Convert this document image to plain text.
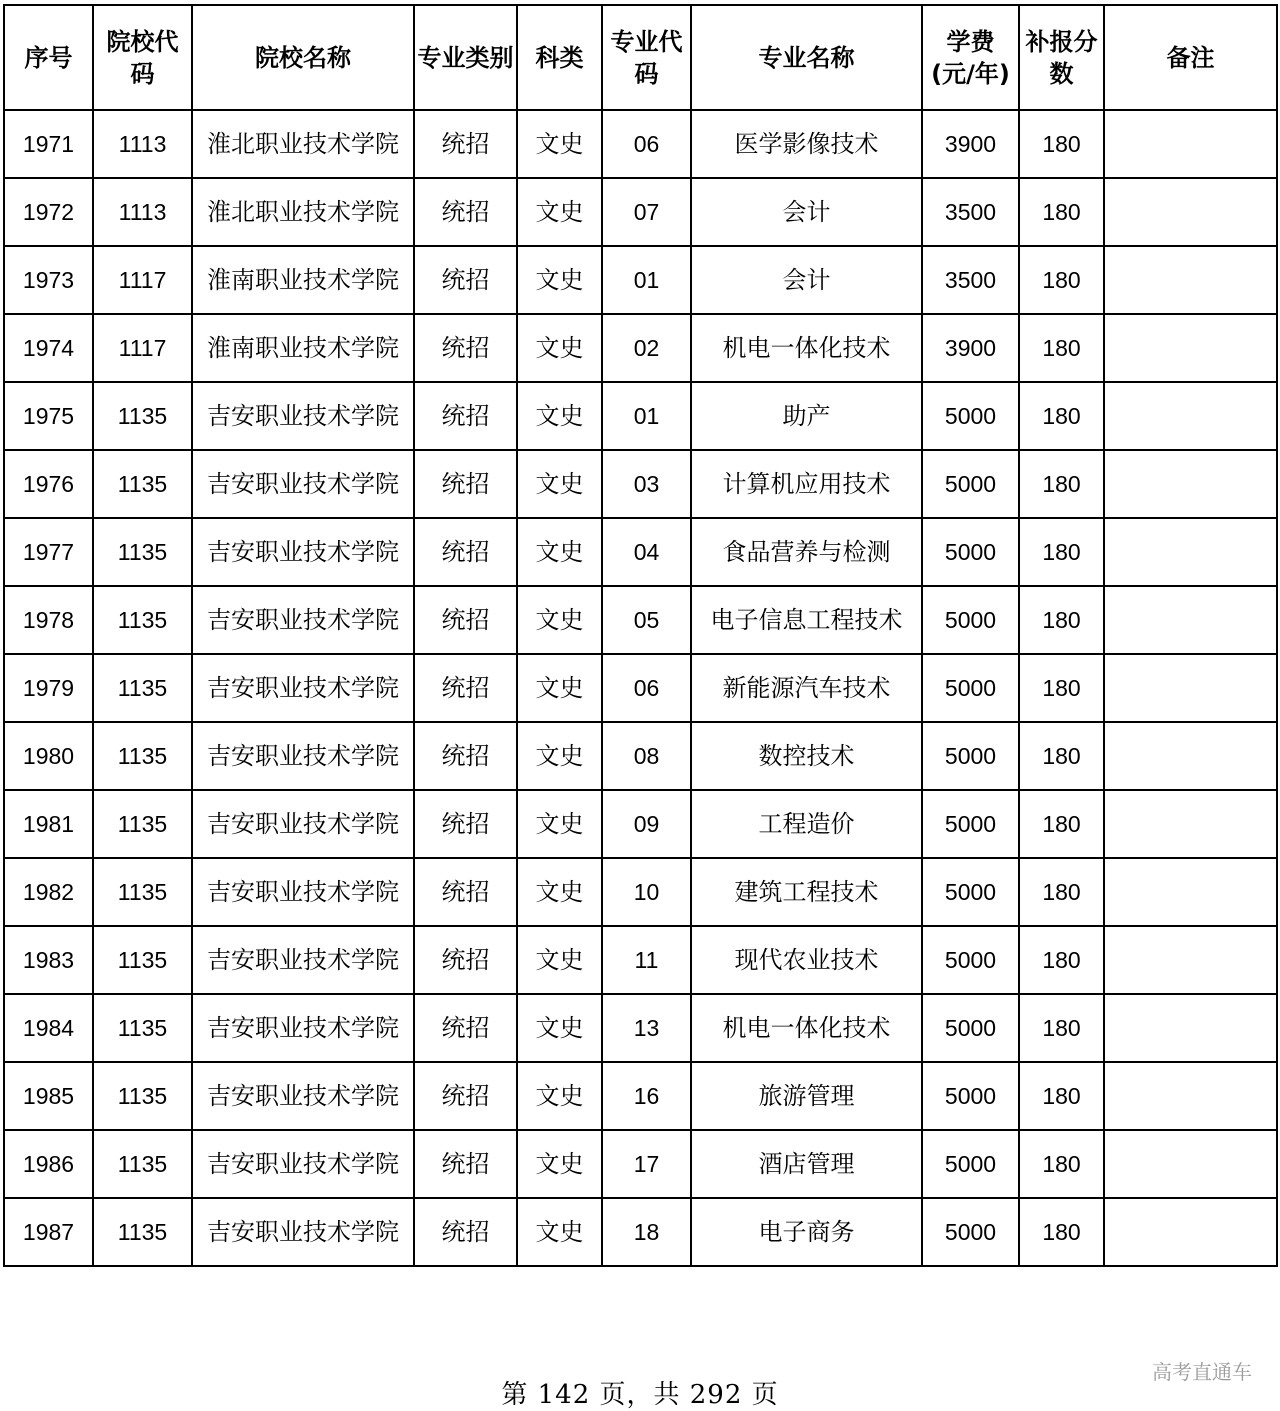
序号	院校代码	院校名称	专业类别	科类	专业代码	专业名称	学费(元/年)	补报分数	备注
1971	1113	淮北职业技术学院	统招	文史	06	医学影像技术	3900	180	
1972	1113	淮北职业技术学院	统招	文史	07	会计	3500	180	
1973	1117	淮南职业技术学院	统招	文史	01	会计	3500	180	
1974	1117	淮南职业技术学院	统招	文史	02	机电一体化技术	3900	180	
1975	1135	吉安职业技术学院	统招	文史	01	助产	5000	180	
1976	1135	吉安职业技术学院	统招	文史	03	计算机应用技术	5000	180	
1977	1135	吉安职业技术学院	统招	文史	04	食品营养与检测	5000	180	
1978	1135	吉安职业技术学院	统招	文史	05	电子信息工程技术	5000	180	
1979	1135	吉安职业技术学院	统招	文史	06	新能源汽车技术	5000	180	
1980	1135	吉安职业技术学院	统招	文史	08	数控技术	5000	180	
1981	1135	吉安职业技术学院	统招	文史	09	工程造价	5000	180	
1982	1135	吉安职业技术学院	统招	文史	10	建筑工程技术	5000	180	
1983	1135	吉安职业技术学院	统招	文史	11	现代农业技术	5000	180	
1984	1135	吉安职业技术学院	统招	文史	13	机电一体化技术	5000	180	
1985	1135	吉安职业技术学院	统招	文史	16	旅游管理	5000	180	
1986	1135	吉安职业技术学院	统招	文史	17	酒店管理	5000	180	
1987	1135	吉安职业技术学院	统招	文史	18	电子商务	5000	180	
第 142 页，共 292 页
高考直通车
